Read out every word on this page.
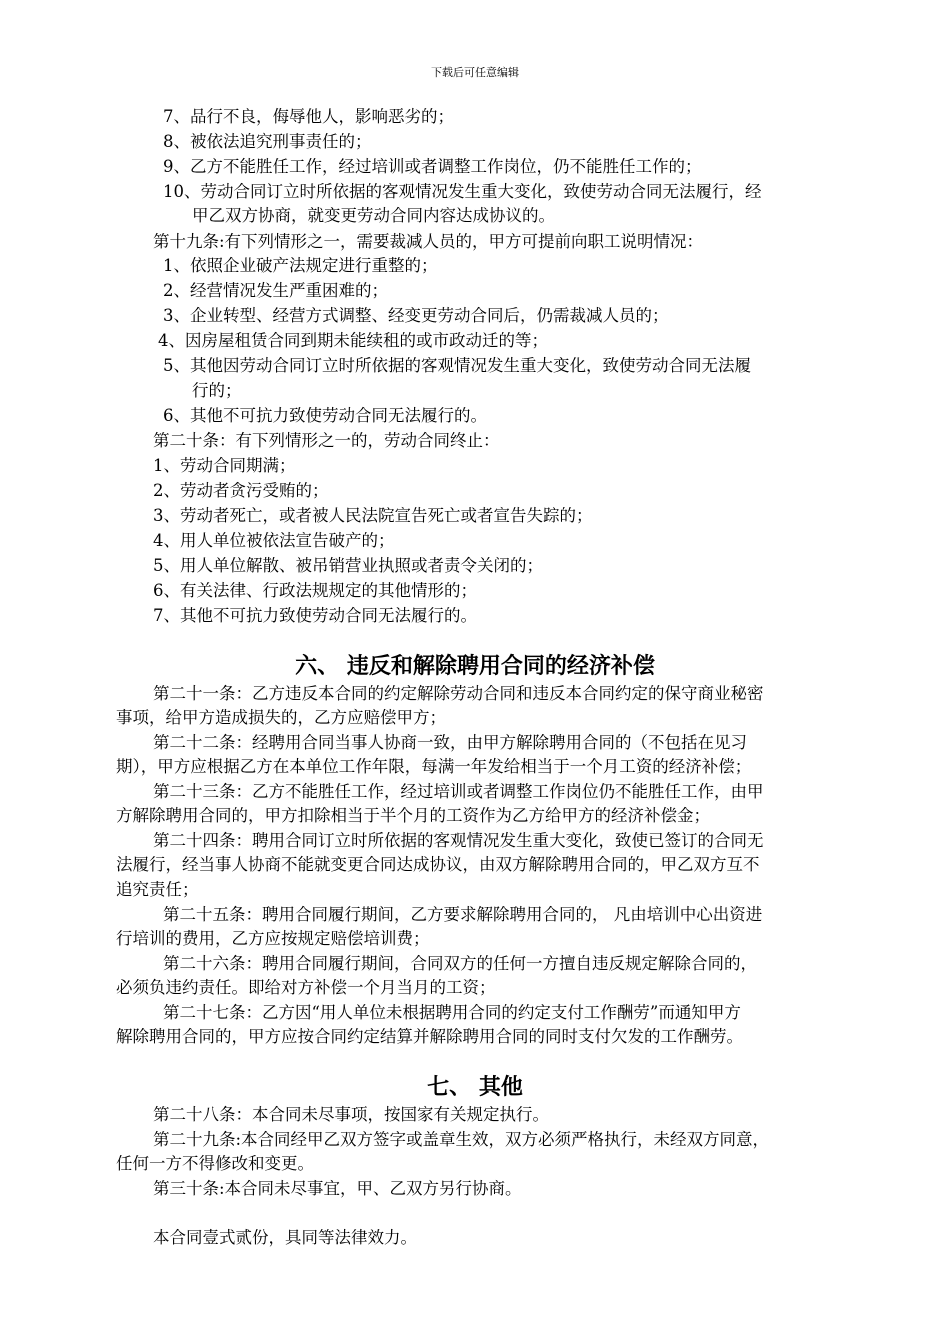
下载后可任意编辑
7、品行不良，侮辱他人，影响恶劣的；
8、被依法追究刑事责任的；
9、乙方不能胜任工作，经过培训或者调整工作岗位，仍不能胜任工作的；
10、劳动合同订立时所依据的客观情况发生重大变化，致使劳动合同无法履行，经
甲乙双方协商，就变更劳动合同内容达成协议的。
第十九条:有下列情形之一，需要裁减人员的，甲方可提前向职工说明情况：
1、依照企业破产法规定进行重整的；
2、经营情况发生严重困难的；
3、企业转型、经营方式调整、经变更劳动合同后，仍需裁减人员的；
4、因房屋租赁合同到期未能续租的或市政动迁的等；
5、其他因劳动合同订立时所依据的客观情况发生重大变化，致使劳动合同无法履
行的；
6、其他不可抗力致使劳动合同无法履行的。
第二十条：有下列情形之一的，劳动合同终止：
1、劳动合同期满；
2、劳动者贪污受贿的；
3、劳动者死亡，或者被人民法院宣告死亡或者宣告失踪的；
4、用人单位被依法宣告破产的；
5、用人单位解散、被吊销营业执照或者责令关闭的；
6、有关法律、行政法规规定的其他情形的；
7、其他不可抗力致使劳动合同无法履行的。
六、 违反和解除聘用合同的经济补偿
第二十一条：乙方违反本合同的约定解除劳动合同和违反本合同约定的保守商业秘密
事项，给甲方造成损失的，乙方应赔偿甲方；
第二十二条：经聘用合同当事人协商一致，由甲方解除聘用合同的（不包括在见习
期），甲方应根据乙方在本单位工作年限，每满一年发给相当于一个月工资的经济补偿；
第二十三条：乙方不能胜任工作，经过培训或者调整工作岗位仍不能胜任工作，由甲
方解除聘用合同的，甲方扣除相当于半个月的工资作为乙方给甲方的经济补偿金；
第二十四条：聘用合同订立时所依据的客观情况发生重大变化，致使已签订的合同无
法履行，经当事人协商不能就变更合同达成协议，由双方解除聘用合同的，甲乙双方互不
追究责任；
第二十五条：聘用合同履行期间，乙方要求解除聘用合同的， 凡由培训中心出资进
行培训的费用，乙方应按规定赔偿培训费；
第二十六条：聘用合同履行期间，合同双方的任何一方擅自违反规定解除合同的，
必须负违约责任。即给对方补偿一个月当月的工资；
第二十七条：乙方因“用人单位未根据聘用合同的约定支付工作酬劳”而通知甲方
解除聘用合同的，甲方应按合同约定结算并解除聘用合同的同时支付欠发的工作酬劳。
七、 其他
第二十八条：本合同未尽事项，按国家有关规定执行。
第二十九条:本合同经甲乙双方签字或盖章生效，双方必须严格执行，未经双方同意，
任何一方不得修改和变更。
第三十条:本合同未尽事宜，甲、乙双方另行协商。
本合同壹式贰份，具同等法律效力。
